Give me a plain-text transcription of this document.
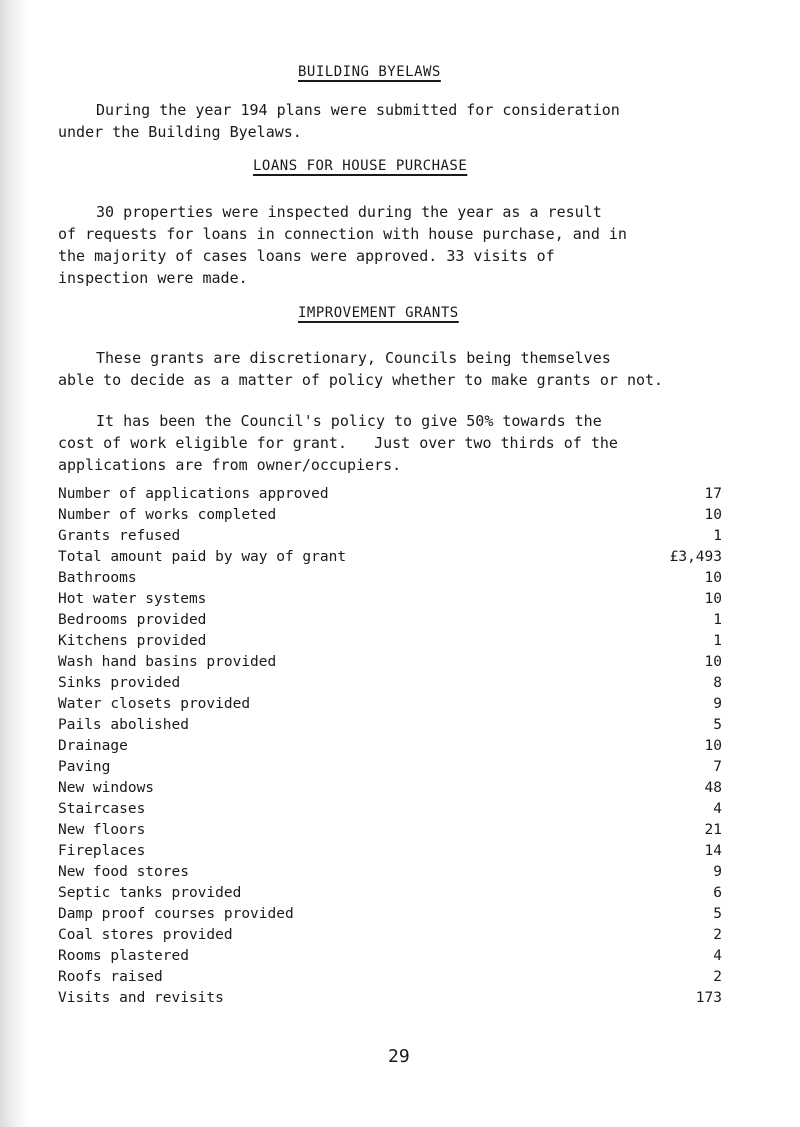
BUILDING BYELAWS
During the year 194 plans were submitted for consideration
under the Building Byelaws.
LOANS FOR HOUSE PURCHASE
30 properties were inspected during the year as a result
of requests for loans in connection with house purchase, and in
the majority of cases loans were approved. 33 visits of
inspection were made.
IMPROVEMENT GRANTS
These grants are discretionary, Councils being themselves
able to decide as a matter of policy whether to make grants or not.
It has been the Council's policy to give 50% towards the
cost of work eligible for grant.   Just over two thirds of the
applications are from owner/occupiers.
Number of applications approved	17
Number of works completed	10
Grants refused	1
Total amount paid by way of grant	£3,493
Bathrooms	10
Hot water systems	10
Bedrooms provided	1
Kitchens provided	1
Wash hand basins provided	10
Sinks provided	8
Water closets provided	9
Pails abolished	5
Drainage	10
Paving	7
New windows	48
Staircases	4
New floors	21
Fireplaces	14
New food stores	9
Septic tanks provided	6
Damp proof courses provided	5
Coal stores provided	2
Rooms plastered	4
Roofs raised	2
Visits and revisits	173
29
